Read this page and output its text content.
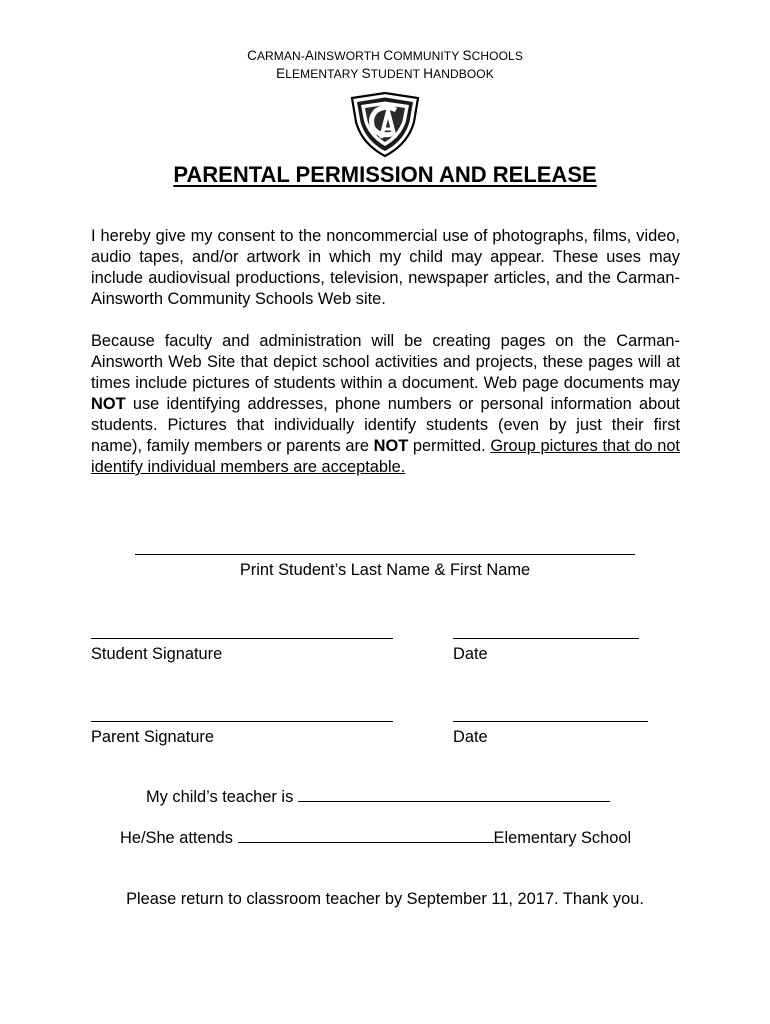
CARMAN-AINSWORTH COMMUNITY SCHOOLS
ELEMENTARY STUDENT HANDBOOK
PARENTAL PERMISSION AND RELEASE
I hereby give my consent to the noncommercial use of photographs, films, video, audio tapes, and/or artwork in which my child may appear. These uses may include audiovisual productions, television, newspaper articles, and the Carman-Ainsworth Community Schools Web site.
Because faculty and administration will be creating pages on the Carman-Ainsworth Web Site that depict school activities and projects, these pages will at times include pictures of students within a document. Web page documents may NOT use identifying addresses, phone numbers or personal information about students. Pictures that individually identify students (even by just their first name), family members or parents are NOT permitted. Group pictures that do not identify individual members are acceptable.
Print Student’s Last Name & First Name
Student Signature	Date
Parent Signature	Date
My child’s teacher is
He/She attends	Elementary School
Please return to classroom teacher by September 11, 2017. Thank you.
